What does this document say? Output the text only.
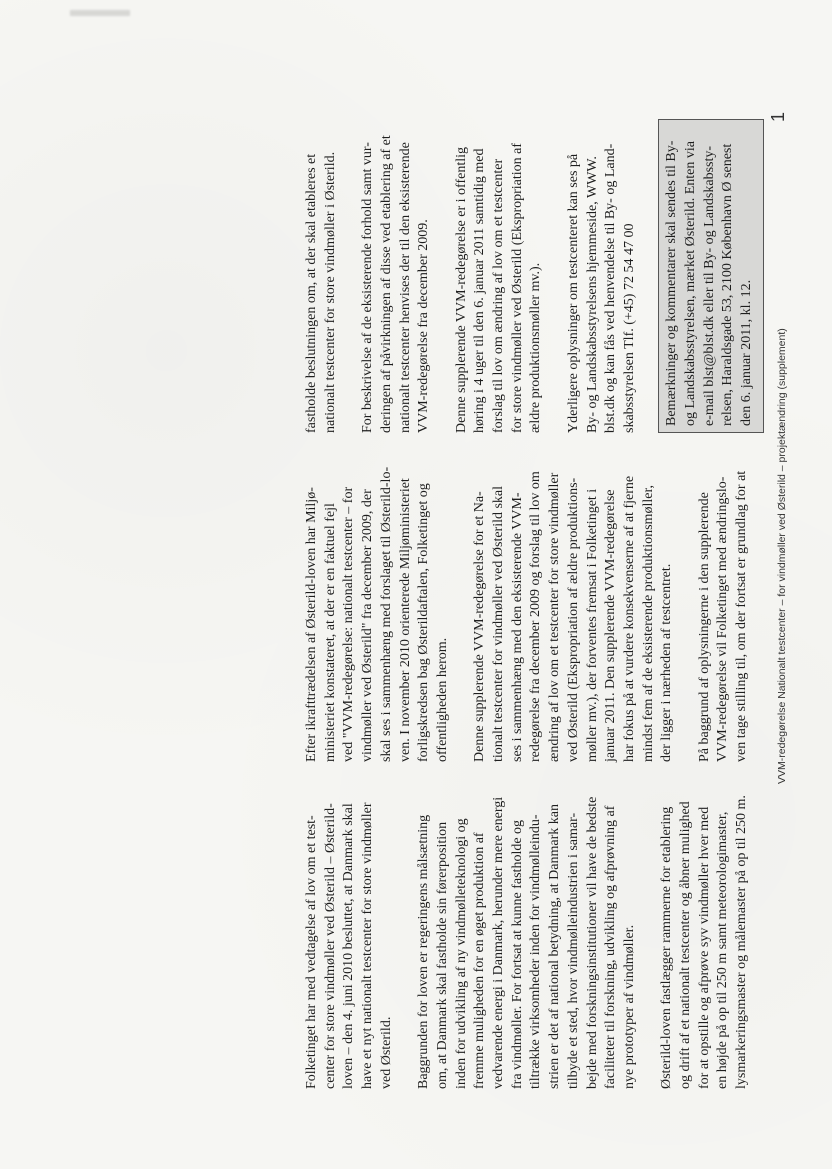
Folketinget har med vedtagelse af lov om et test-
center for store vindmøller ved Østerild – Østerild-
loven – den 4. juni 2010 besluttet, at Danmark skal
have et nyt nationalt testcenter for store vindmøller
ved Østerild. Baggrunden for loven er regeringens målsætning
om, at Danmark skal fastholde sin førerposition
inden for udvikling af ny vindmølleteknologi og
fremme muligheden for en øget produktion af
vedvarende energi i Danmark, herunder mere energi
fra vindmøller. For fortsat at kunne fastholde og
tiltrække virksomheder inden for vindmølleindu-
strien er det af national betydning, at Danmark kan
tilbyde et sted, hvor vindmølleindustrien i samar-
bejde med forskningsinstitutioner vil have de bedste
faciliteter til forskning, udvikling og afprøvning af
nye prototyper af vindmøller.

Østerild-loven fastlægger rammerne for etablering
og drift af et nationalt testcenter og åbner mulighed
for at opstille og afprøve syv vindmøller hver med
en højde på op til 250 m samt meteorologimaster,
lysmarkeringsmaster og målemaster på op til 250 m.

Efter ikrafttrædelsen af Østerild-loven har Miljø-
ministeriet konstateret, at der er en faktuel fejl
ved "VVM-redegørelse: nationalt testcenter – for
vindmøller ved Østerild" fra december 2009, der
skal ses i sammenhæng med forslaget til Østerild-lo-
ven. I november 2010 orienterede Miljøministeriet
forligskredsen bag Østerildaftalen, Folketinget og
offentligheden herom.

Denne supplerende VVM-redegørelse for et Na-
tionalt testcenter for vindmøller ved Østerild skal
ses i sammenhæng med den eksisterende VVM-
redegørelse fra december 2009 og forslag til lov om
ændring af lov om et testcenter for store vindmøller
ved Østerild (Ekspropriation af ældre produktions-
møller mv.), der forventes fremsat i Folketinget i
januar 2011. Den supplerende VVM-redegørelse
har fokus på at vurdere konsekvenserne af at fjerne
mindst fem af de eksisterende produktionsmøller,
der ligger i nærheden af testcentret.

På baggrund af oplysningerne i den supplerende
VVM-redegørelse vil Folketinget med ændringslo-
ven tage stilling til, om der fortsat er grundlag for at

fastholde beslutningen om, at der skal etableres et
nationalt testcenter for store vindmøller i Østerild.

For beskrivelse af de eksisterende forhold samt vur-
deringen af påvirkningen af disse ved etablering af et
nationalt testcenter henvises der til den eksisterende
VVM-redegørelse fra december 2009.

Denne supplerende VVM-redegørelse er i offentlig
høring i 4 uger til den 6. januar 2011 samtidig med
forslag til lov om ændring af lov om et testcenter
for store vindmøller ved Østerild (Ekspropriation af
ældre produktionsmøller mv.).

Yderligere oplysninger om testcenteret kan ses på
By- og Landskabsstyrelsens hjemmeside, WWW.
blst.dk og kan fås ved henvendelse til By- og Land-
skabsstyrelsen Tlf. (+45) 72 54 47 00

Bemærkninger og kommentarer skal sendes til By-
og Landskabsstyrelsen, mærket Østerild. Enten via
e-mail blst@blst.dk eller til By- og Landskabssty-
relsen, Haraldsgade 53, 2100 København Ø senest
den 6. januar 2011, kl. 12.
VVM-redegørelse Nationalt testcenter – for vindmøller ved Østerild – projektændring (supplement)
1
